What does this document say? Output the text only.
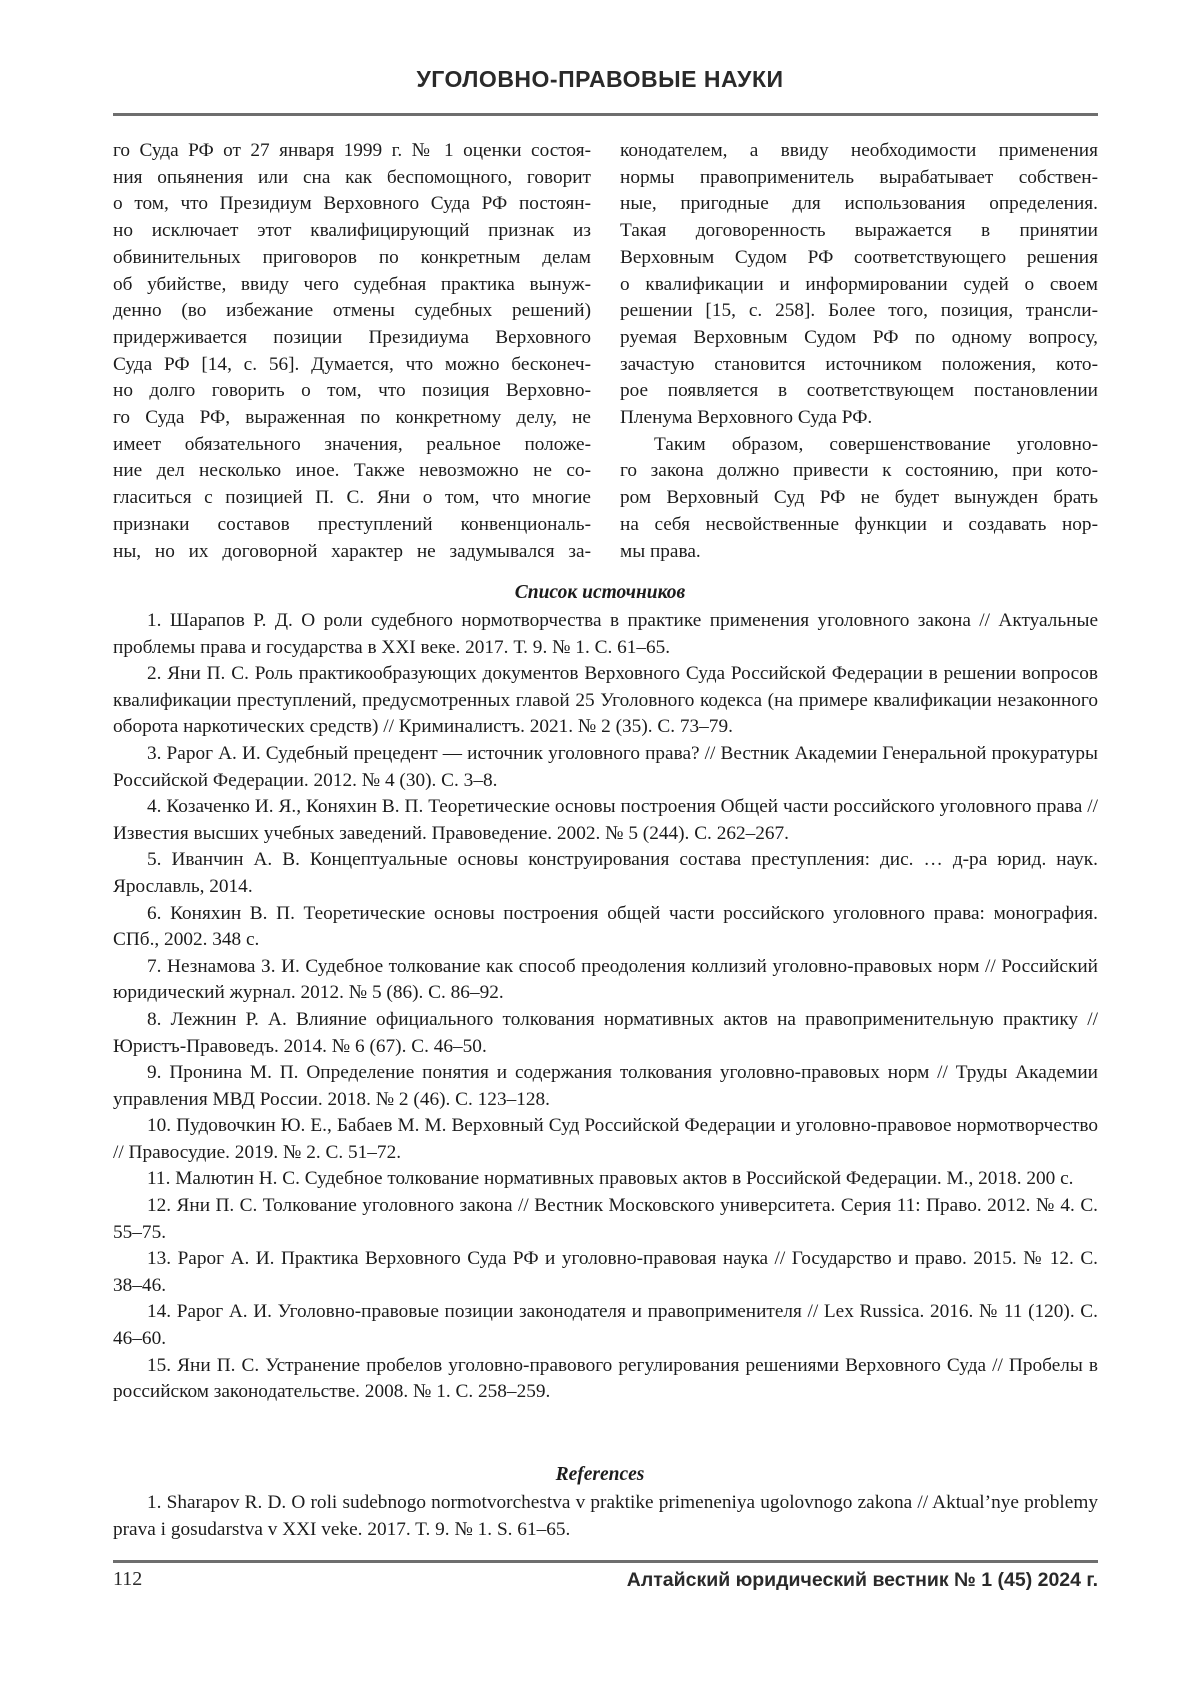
УГОЛОВНО-ПРАВОВЫЕ НАУКИ

го Суда РФ от 27 января 1999 г. № 1 оценки состоя-
ния опьянения или сна как беспомощного, говорит
о том, что Президиум Верховного Суда РФ постоян-
но исключает этот квалифицирующий признак из
обвинительных приговоров по конкретным делам
об убийстве, ввиду чего судебная практика вынуж-
денно (во избежание отмены судебных решений)
придерживается позиции Президиума Верховного
Суда РФ [14, с. 56]. Думается, что можно бесконеч-
но долго говорить о том, что позиция Верховно-
го Суда РФ, выраженная по конкретному делу, не
имеет обязательного значения, реальное положе-
ние дел несколько иное. Также невозможно не со-
гласиться с позицией П. С. Яни о том, что многие
признаки составов преступлений конвенциональ-
ны, но их договорной характер не задумывался за-

конодателем, а ввиду необходимости применения
нормы правоприменитель вырабатывает собствен-
ные, пригодные для использования определения.
Такая договоренность выражается в принятии
Верховным Судом РФ соответствующего решения
о квалификации и информировании судей о своем
решении [15, с. 258]. Более того, позиция, трансли-
руемая Верховным Судом РФ по одному вопросу,
зачастую становится источником положения, кото-
рое появляется в соответствующем постановлении
Пленума Верховного Суда РФ.

Таким образом, совершенствование уголовно-
го закона должно привести к состоянию, при кото-
ром Верховный Суд РФ не будет вынужден брать
на себя несвойственные функции и создавать нор-
мы права.

Список источников

1. Шарапов Р. Д. О роли судебного нормотворчества в практике применения уголовного закона // Актуальные проблемы права и государства в XXI веке. 2017. Т. 9. № 1. С. 61–65.

2. Яни П. С. Роль практикообразующих документов Верховного Суда Российской Федерации в решении вопросов квалификации преступлений, предусмотренных главой 25 Уголовного кодекса (на примере квалификации незаконного оборота наркотических средств) // Криминалистъ. 2021. № 2 (35). С. 73–79.

3. Рарог А. И. Судебный прецедент — источник уголовного права? // Вестник Академии Генеральной прокуратуры Российской Федерации. 2012. № 4 (30). С. 3–8.

4. Козаченко И. Я., Коняхин В. П. Теоретические основы построения Общей части российского уголовного права // Известия высших учебных заведений. Правоведение. 2002. № 5 (244). С. 262–267.

5. Иванчин А. В. Концептуальные основы конструирования состава преступления: дис. … д-ра юрид. наук. Ярославль, 2014.

6. Коняхин В. П. Теоретические основы построения общей части российского уголовного права: монография. СПб., 2002. 348 с.

7. Незнамова З. И. Судебное толкование как способ преодоления коллизий уголовно-правовых норм // Российский юридический журнал. 2012. № 5 (86). С. 86–92.

8. Лежнин Р. А. Влияние официального толкования нормативных актов на правоприменительную практику // Юристъ-Правоведъ. 2014. № 6 (67). С. 46–50.

9. Пронина М. П. Определение понятия и содержания толкования уголовно-правовых норм // Труды Академии управления МВД России. 2018. № 2 (46). С. 123–128.

10. Пудовочкин Ю. Е., Бабаев М. М. Верховный Суд Российской Федерации и уголовно-правовое нормотворчество // Правосудие. 2019. № 2. С. 51–72.

11. Малютин Н. С. Судебное толкование нормативных правовых актов в Российской Федерации. М., 2018. 200 с.

12. Яни П. С. Толкование уголовного закона // Вестник Московского университета. Серия 11: Право. 2012. № 4. С. 55–75.

13. Рарог А. И. Практика Верховного Суда РФ и уголовно-правовая наука // Государство и право. 2015. № 12. С. 38–46.

14. Рарог А. И. Уголовно-правовые позиции законодателя и правоприменителя // Lex Russica. 2016. № 11 (120). С. 46–60.

15. Яни П. С. Устранение пробелов уголовно-правового регулирования решениями Верховного Суда // Пробелы в российском законодательстве. 2008. № 1. С. 258–259.

References

1. Sharapov R. D. O roli sudebnogo normotvorchestva v praktike primeneniya ugolovnogo zakona // Aktual’nye problemy prava i gosudarstva v XXI veke. 2017. T. 9. № 1. S. 61–65.

112	Алтайский юридический вестник № 1 (45) 2024 г.
